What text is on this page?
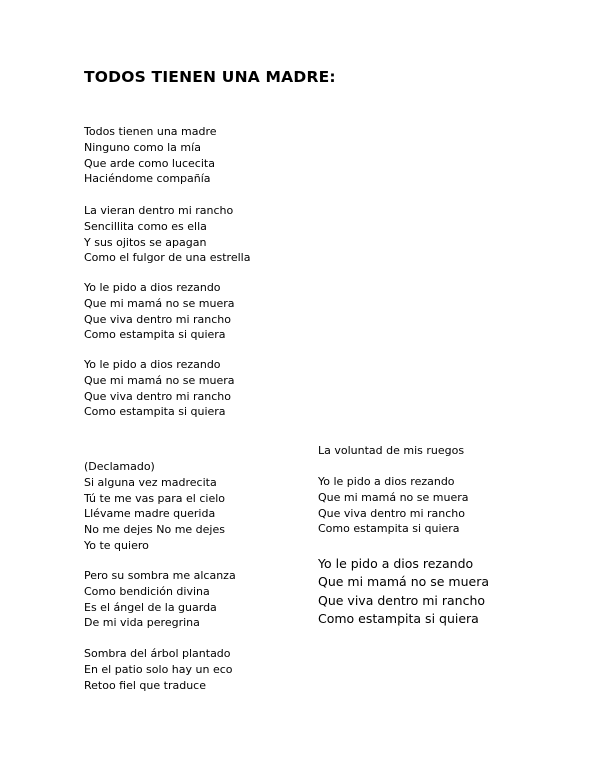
TODOS TIENEN UNA MADRE:
Todos tienen una madre
Ninguno como la mía
Que arde como lucecita
Haciéndome compañía
La vieran dentro mi rancho
Sencillita como es ella
Y sus ojitos se apagan
Como el fulgor de una estrella
Yo le pido a dios rezando
Que mi mamá no se muera
Que viva dentro mi rancho
Como estampita si quiera
Yo le pido a dios rezando
Que mi mamá no se muera
Que viva dentro mi rancho
Como estampita si quiera
(Declamado)
Si alguna vez madrecita
Tú te me vas para el cielo
Llévame madre querida
No me dejes No me dejes
Yo te quiero
Pero su sombra me alcanza
Como bendición divina
Es el ángel de la guarda
De mi vida peregrina
Sombra del árbol plantado
En el patio solo hay un eco
Retoo fiel que traduce
La voluntad de mis ruegos
Yo le pido a dios rezando
Que mi mamá no se muera
Que viva dentro mi rancho
Como estampita si quiera
Yo le pido a dios rezando
Que mi mamá no se muera
Que viva dentro mi rancho
Como estampita si quiera
